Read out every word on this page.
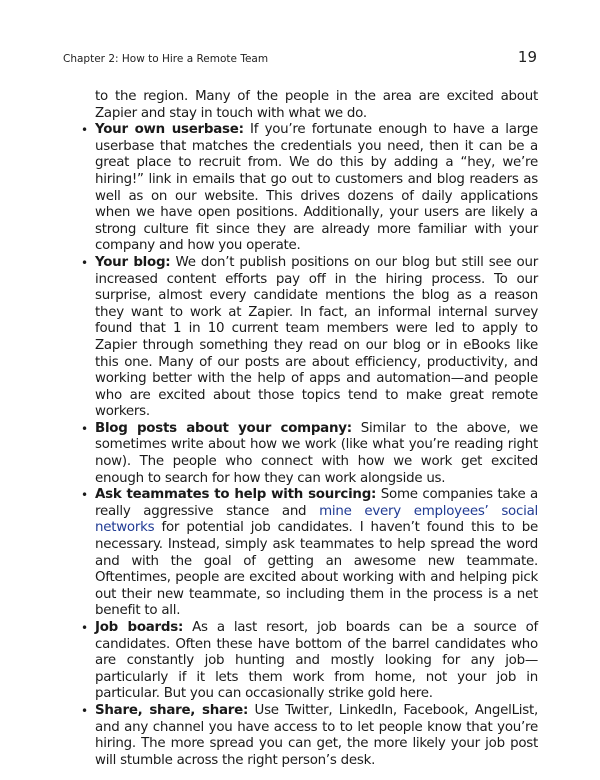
Chapter 2: How to Hire a Remote Team	19

to the region. Many of the people in the area are excited about Zapier and stay in touch with what we do.

• Your own userbase: If you’re fortunate enough to have a large userbase that matches the credentials you need, then it can be a great place to recruit from. We do this by adding a “hey, we’re hiring!” link in emails that go out to customers and blog readers as well as on our website. This drives dozens of daily applications when we have open positions. Additionally, your users are likely a strong culture fit since they are already more familiar with your company and how you operate.
• Your blog: We don’t publish positions on our blog but still see our increased content efforts pay off in the hiring process. To our surprise, almost every candidate mentions the blog as a reason they want to work at Zapier. In fact, an informal internal survey found that 1 in 10 current team members were led to apply to Zapier through something they read on our blog or in eBooks like this one. Many of our posts are about efficiency, productivity, and working better with the help of apps and automation—and people who are excited about those topics tend to make great remote workers.
• Blog posts about your company: Similar to the above, we sometimes write about how we work (like what you’re reading right now). The people who connect with how we work get excited enough to search for how they can work alongside us.
• Ask teammates to help with sourcing: Some companies take a really aggressive stance and mine every employees’ social networks for potential job candidates. I haven’t found this to be necessary. Instead, simply ask teammates to help spread the word and with the goal of getting an awesome new teammate. Oftentimes, people are excited about working with and helping pick out their new teammate, so including them in the process is a net benefit to all.
• Job boards: As a last resort, job boards can be a source of candidates. Often these have bottom of the barrel candidates who are constantly job hunting and mostly looking for any job—particularly if it lets them work from home, not your job in particular. But you can occasionally strike gold here.
• Share, share, share: Use Twitter, LinkedIn, Facebook, AngelList, and any channel you have access to to let people know that you’re hiring. The more spread you can get, the more likely your job post will stumble across the right person’s desk.
